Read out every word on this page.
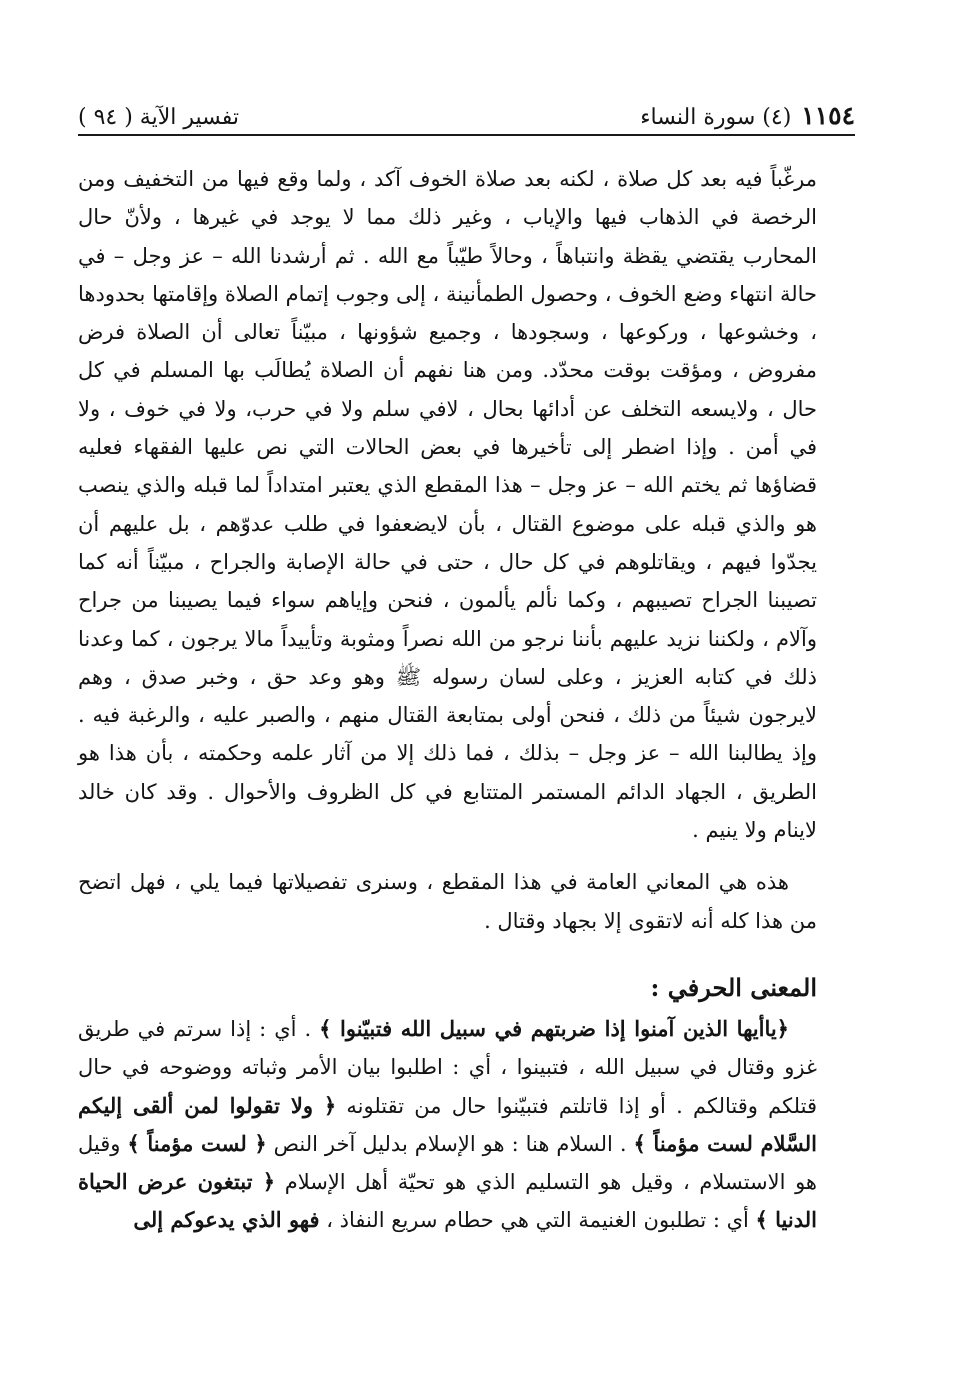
١١٥٤
(٤) سورة النساء
تفسير الآية ( ٩٤ )

مرغّباً فيه بعد كل صلاة ، لكنه بعد صلاة الخوف آكد ، ولما وقع فيها من التخفيف ومن الرخصة في الذهاب فيها والإياب ، وغير ذلك مما لا يوجد في غيرها ، ولأنّ حال المحارب يقتضي يقظة وانتباهاً ، وحالاً طيّباً مع الله . ثم أرشدنا الله – عز وجل – في حالة انتهاء وضع الخوف ، وحصول الطمأنينة ، إلى وجوب إتمام الصلاة وإقامتها بحدودها ، وخشوعها ، وركوعها ، وسجودها ، وجميع شؤونها ، مبيّناً تعالى أن الصلاة فرض مفروض ، ومؤقت بوقت محدّد. ومن هنا نفهم أن الصلاة يُطالَب بها المسلم في كل حال ، ولايسعه التخلف عن أدائها بحال ، لافي سلم ولا في حرب، ولا في خوف ، ولا في أمن . وإذا اضطر إلى تأخيرها في بعض الحالات التي نص عليها الفقهاء فعليه قضاؤها ثم يختم الله – عز وجل – هذا المقطع الذي يعتبر امتداداً لما قبله والذي ينصب هو والذي قبله على موضوع القتال ، بأن لايضعفوا في طلب عدوّهم ، بل عليهم أن يجدّوا فيهم ، ويقاتلوهم في كل حال ، حتى في حالة الإصابة والجراح ، مبيّناً أنه كما تصيبنا الجراح تصيبهم ، وكما نألم يألمون ، فنحن وإياهم سواء فيما يصيبنا من جراح وآلام ، ولكننا نزيد عليهم بأننا نرجو من الله نصراً ومثوبة وتأييداً مالا يرجون ، كما وعدنا ذلك في كتابه العزيز ، وعلى لسان رسوله ﷺ وهو وعد حق ، وخبر صدق ، وهم لايرجون شيئاً من ذلك ، فنحن أولى بمتابعة القتال منهم ، والصبر عليه ، والرغبة فيه . وإذ يطالبنا الله – عز وجل – بذلك ، فما ذلك إلا من آثار علمه وحكمته ، بأن هذا هو الطريق ، الجهاد الدائم المستمر المتتابع في كل الظروف والأحوال . وقد كان خالد لاينام ولا ينيم .

هذه هي المعاني العامة في هذا المقطع ، وسنرى تفصيلاتها فيما يلي ، فهل اتضح من هذا كله أنه لاتقوى إلا بجهاد وقتال .

المعنى الحرفي :

﴿ياأيها الذين آمنوا إذا ضربتهم في سبيل الله فتبيّنوا ﴾ . أي : إذا سرتم في طريق غزو وقتال في سبيل الله ، فتبينوا ، أي : اطلبوا بيان الأمر وثباته ووضوحه في حال قتلكم وقتالكم . أو إذا قاتلتم فتبيّنوا حال من تقتلونه ﴿ ولا تقولوا لمن ألقى إليكم السَّلام لست مؤمناً ﴾ . السلام هنا : هو الإسلام بدليل آخر النص ﴿ لست مؤمناً ﴾ وقيل هو الاستسلام ، وقيل هو التسليم الذي هو تحيّة أهل الإسلام ﴿ تبتغون عرض الحياة الدنيا ﴾ أي : تطلبون الغنيمة التي هي حطام سريع النفاذ ، فهو الذي يدعوكم إلى
